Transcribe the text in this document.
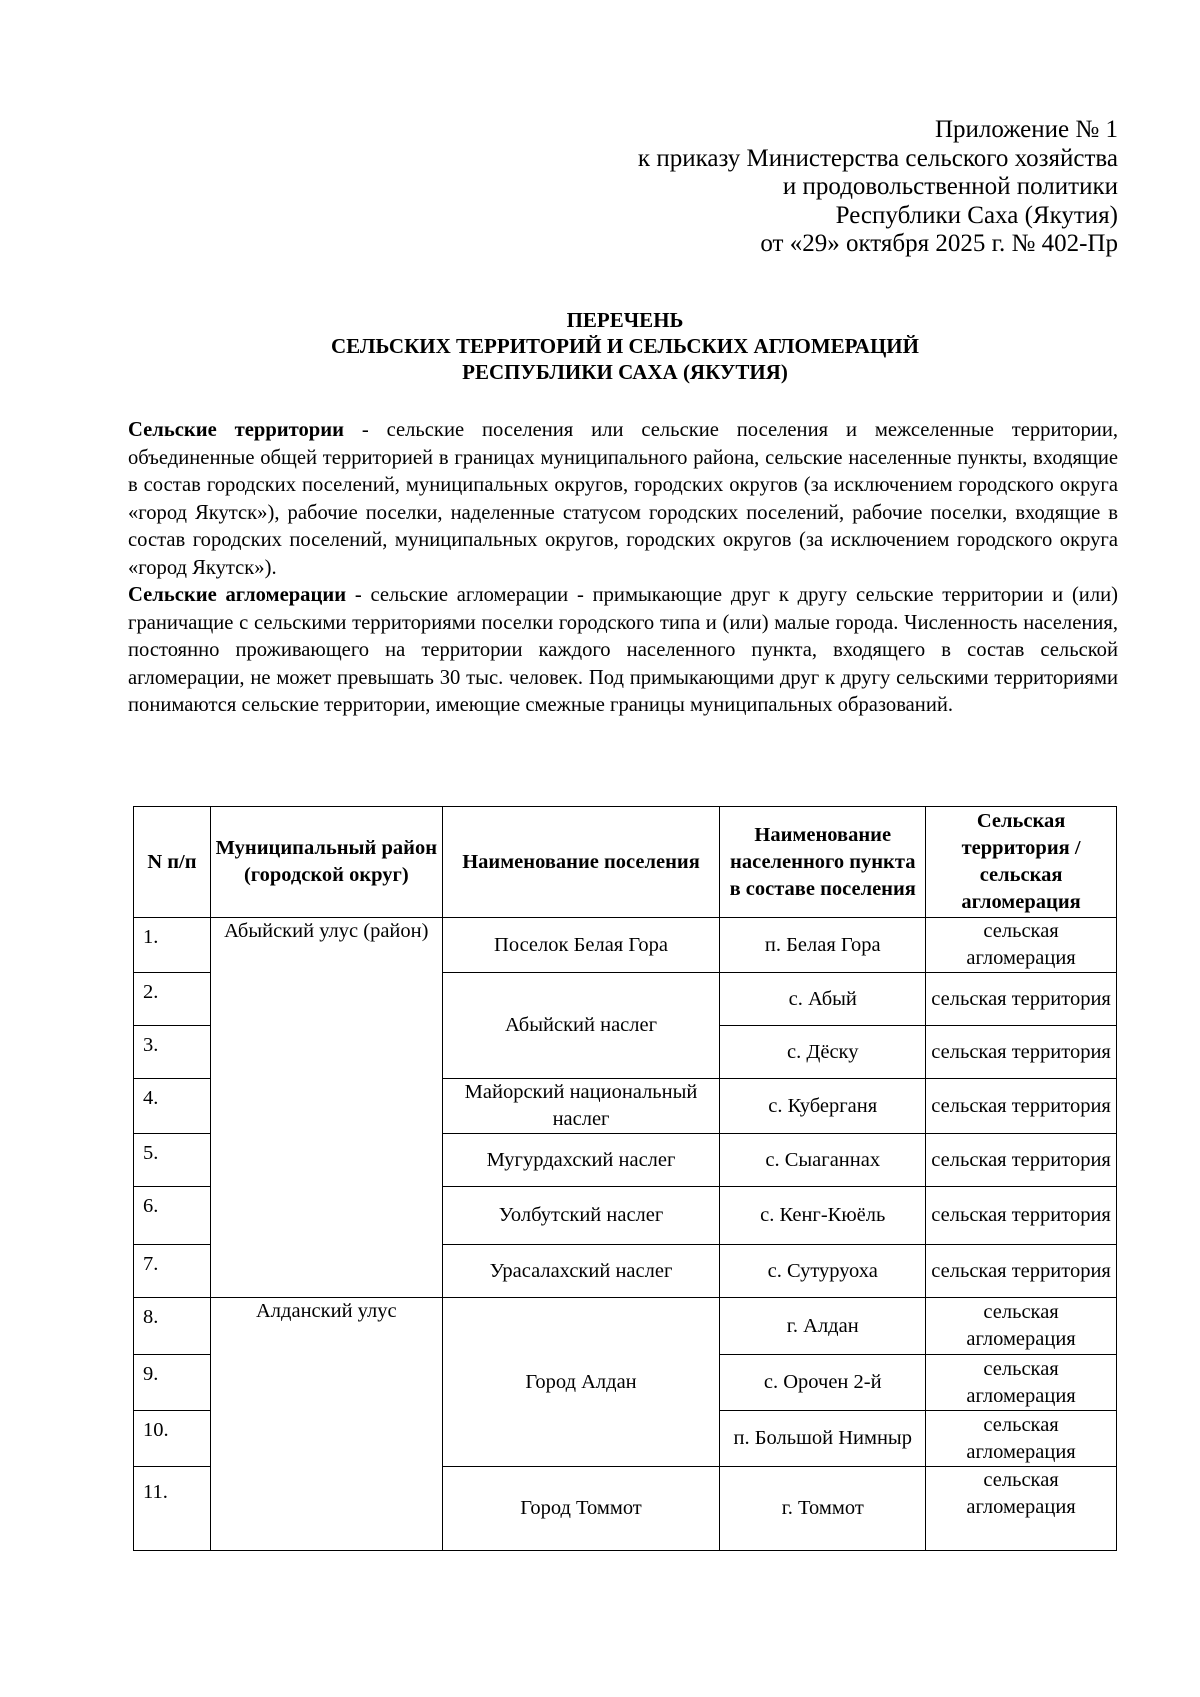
Приложение № 1
к приказу Министерства сельского хозяйства
и продовольственной политики
Республики Саха (Якутия)
от «29» октября 2025 г. № 402-Пр
ПЕРЕЧЕНЬ
СЕЛЬСКИХ ТЕРРИТОРИЙ И СЕЛЬСКИХ АГЛОМЕРАЦИЙ
РЕСПУБЛИКИ САХА (ЯКУТИЯ)

Сельские территории - сельские поселения или сельские поселения и межселенные территории, объединенные общей территорией в границах муниципального района, сельские населенные пункты, входящие в состав городских поселений, муниципальных округов, городских округов (за исключением городского округа «город Якутск»), рабочие поселки, наделенные статусом городских поселений, рабочие поселки, входящие в состав городских поселений, муниципальных округов, городских округов (за исключением городского округа «город Якутск»).

Сельские агломерации - сельские агломерации - примыкающие друг к другу сельские территории и (или) граничащие с сельскими территориями поселки городского типа и (или) малые города. Численность населения, постоянно проживающего на территории каждого населенного пункта, входящего в состав сельской агломерации, не может превышать 30 тыс. человек. Под примыкающими друг к другу сельскими территориями понимаются сельские территории, имеющие смежные границы муниципальных образований.

N п/п	Муниципальный район (городской округ)	Наименование поселения	Наименование населенного пункта в составе поселения	Сельская территория / сельская агломерация
1.	Абыйский улус (район)	Поселок Белая Гора	п. Белая Гора	сельская агломерация
2.		Абыйский наслег	с. Абый	сельская территория
3.			с. Дёску	сельская территория
4.		Майорский национальный наслег	с. Куберганя	сельская территория
5.		Мугурдахский наслег	с. Сыаганнах	сельская территория
6.		Уолбутский наслег	с. Кенг-Кюёль	сельская территория
7.		Урасалахский наслег	с. Сутуруоха	сельская территория
8.	Алданский улус	Город Алдан	г. Алдан	сельская агломерация
9.			с. Орочен 2-й	сельская агломерация
10.			п. Большой Нимныр	сельская агломерация
11.		Город Томмот	г. Томмот	сельская агломерация
